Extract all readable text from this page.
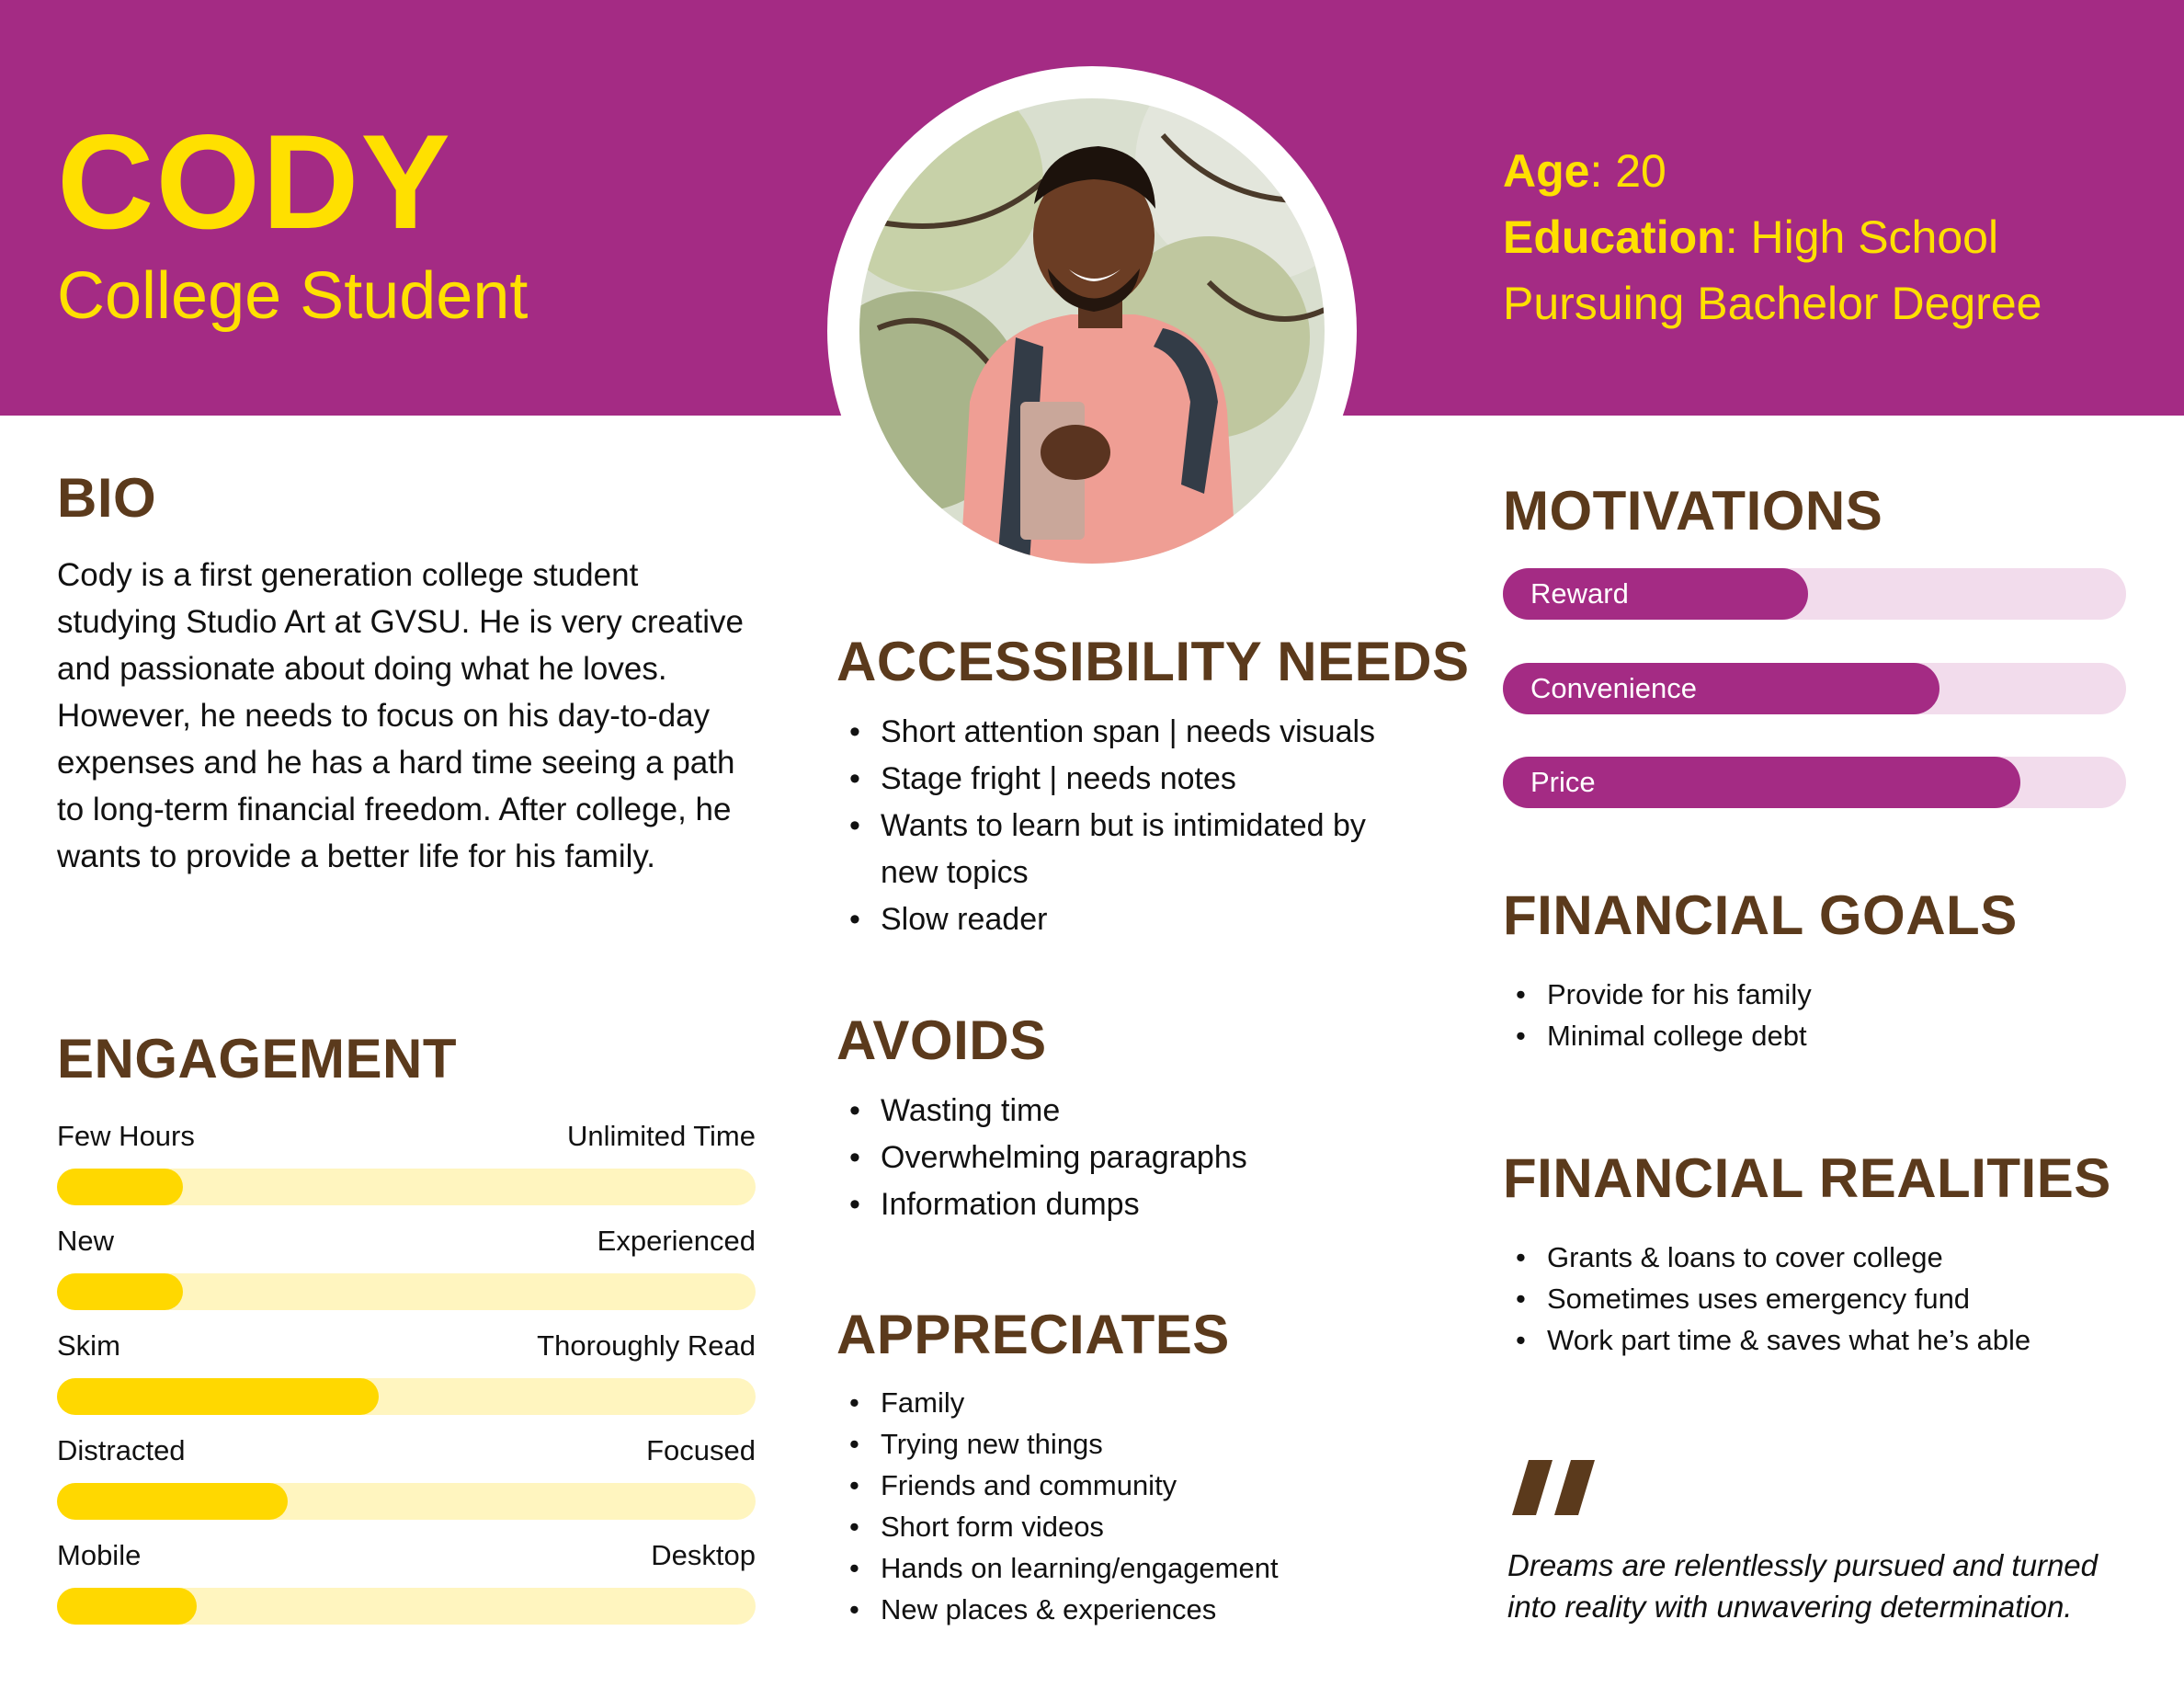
CODY
College Student
Age: 20
Education: High School
Pursuing Bachelor Degree
BIO
Cody is a first generation college student studying Studio Art at GVSU. He is very creative and passionate about doing what he loves. However, he needs to focus on his day-to-day expenses and he has a hard time seeing a path to long-term financial freedom. After college, he wants to provide a better life for his family.
ENGAGEMENT
Few Hours	Unlimited Time
New	Experienced
Skim	Thoroughly Read
Distracted	Focused
Mobile	Desktop
ACCESSIBILITY NEEDS
• Short attention span | needs visuals
• Stage fright | needs notes
• Wants to learn but is intimidated by new topics
• Slow reader
AVOIDS
• Wasting time
• Overwhelming paragraphs
• Information dumps
APPRECIATES
• Family
• Trying new things
• Friends and community
• Short form videos
• Hands on learning/engagement
• New places & experiences
MOTIVATIONS
Reward
Convenience
Price
FINANCIAL GOALS
• Provide for his family
• Minimal college debt
FINANCIAL REALITIES
• Grants & loans to cover college
• Sometimes uses emergency fund
• Work part time & saves what he’s able
Dreams are relentlessly pursued and turned into reality with unwavering determination.
